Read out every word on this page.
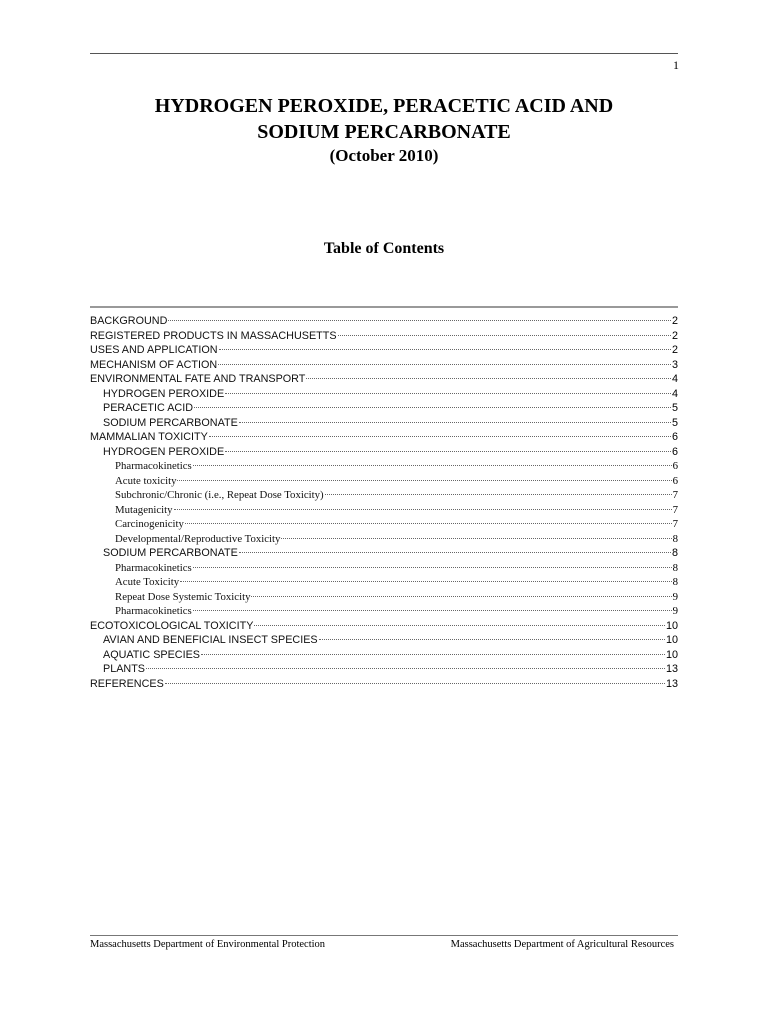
1
HYDROGEN PEROXIDE, PERACETIC ACID AND
SODIUM PERCARBONATE
(October 2010)
Table of Contents
BACKGROUND	2
REGISTERED PRODUCTS IN MASSACHUSETTS	2
USES AND APPLICATION	2
MECHANISM OF ACTION	3
ENVIRONMENTAL FATE AND TRANSPORT	4
HYDROGEN PEROXIDE	4
PERACETIC ACID	5
SODIUM PERCARBONATE	5
MAMMALIAN TOXICITY	6
HYDROGEN PEROXIDE	6
Pharmacokinetics	6
Acute toxicity	6
Subchronic/Chronic (i.e., Repeat Dose Toxicity)	7
Mutagenicity	7
Carcinogenicity	7
Developmental/Reproductive Toxicity	8
SODIUM PERCARBONATE	8
Pharmacokinetics	8
Acute Toxicity	8
Repeat Dose Systemic Toxicity	9
Pharmacokinetics	9
ECOTOXICOLOGICAL TOXICITY	10
AVIAN AND BENEFICIAL INSECT SPECIES	10
AQUATIC SPECIES	10
PLANTS	13
REFERENCES	13
Massachusetts Department of Environmental Protection	Massachusetts Department of Agricultural Resources
